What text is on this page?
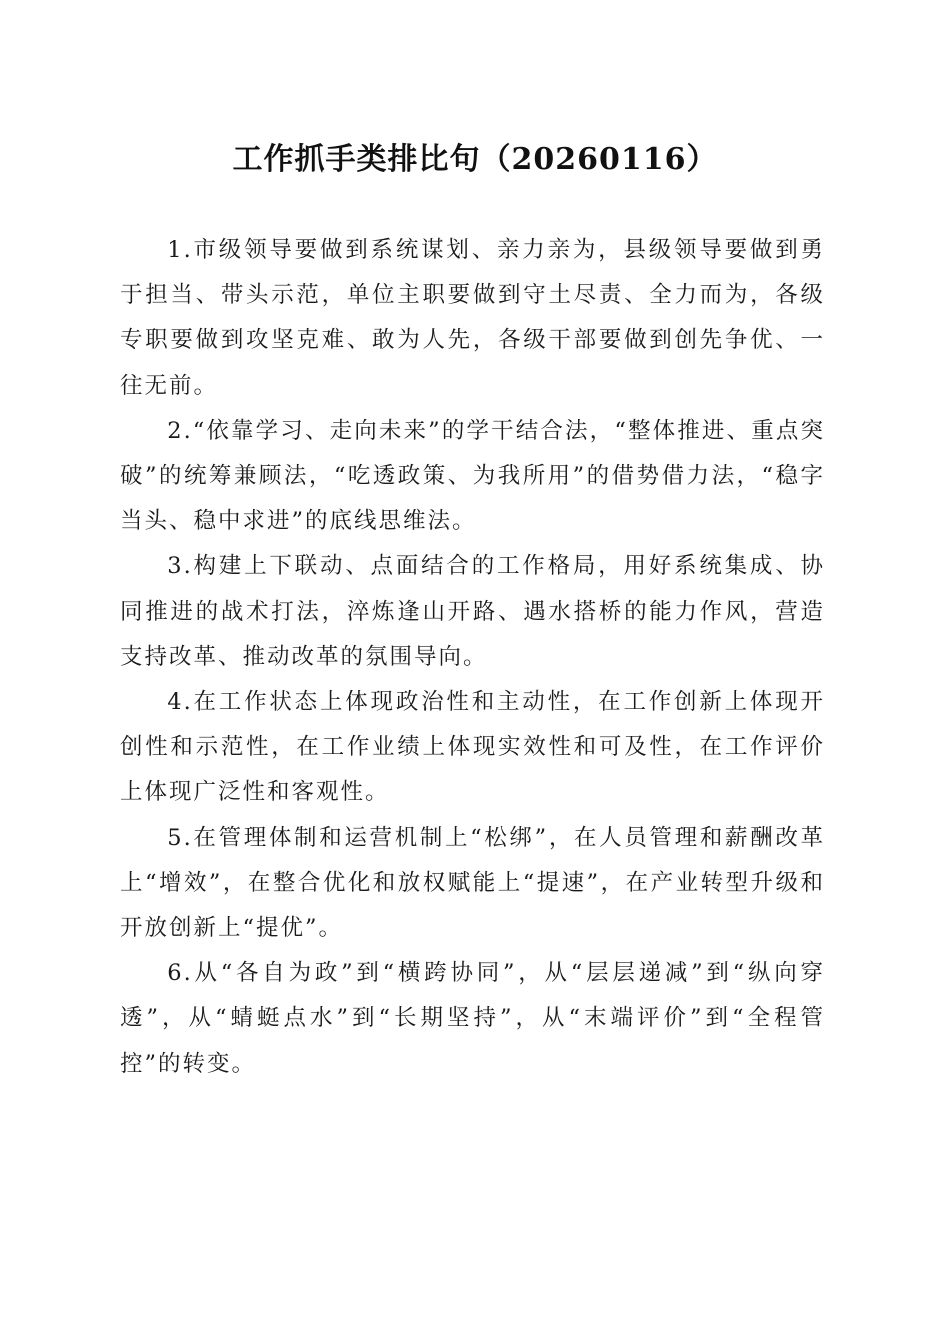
工作抓手类排比句（20260116）

1.市级领导要做到系统谋划、亲力亲为，县级领导要做到勇于担当、带头示范，单位主职要做到守土尽责、全力而为，各级专职要做到攻坚克难、敢为人先，各级干部要做到创先争优、一往无前。

2.“依靠学习、走向未来”的学干结合法，“整体推进、重点突破”的统筹兼顾法，“吃透政策、为我所用”的借势借力法，“稳字当头、稳中求进”的底线思维法。

3.构建上下联动、点面结合的工作格局，用好系统集成、协同推进的战术打法，淬炼逢山开路、遇水搭桥的能力作风，营造支持改革、推动改革的氛围导向。

4.在工作状态上体现政治性和主动性，在工作创新上体现开创性和示范性，在工作业绩上体现实效性和可及性，在工作评价上体现广泛性和客观性。

5.在管理体制和运营机制上“松绑”，在人员管理和薪酬改革上“增效”，在整合优化和放权赋能上“提速”，在产业转型升级和开放创新上“提优”。

6.从“各自为政”到“横跨协同”，从“层层递减”到“纵向穿透”，从“蜻蜓点水”到“长期坚持”，从“末端评价”到“全程管控”的转变。
